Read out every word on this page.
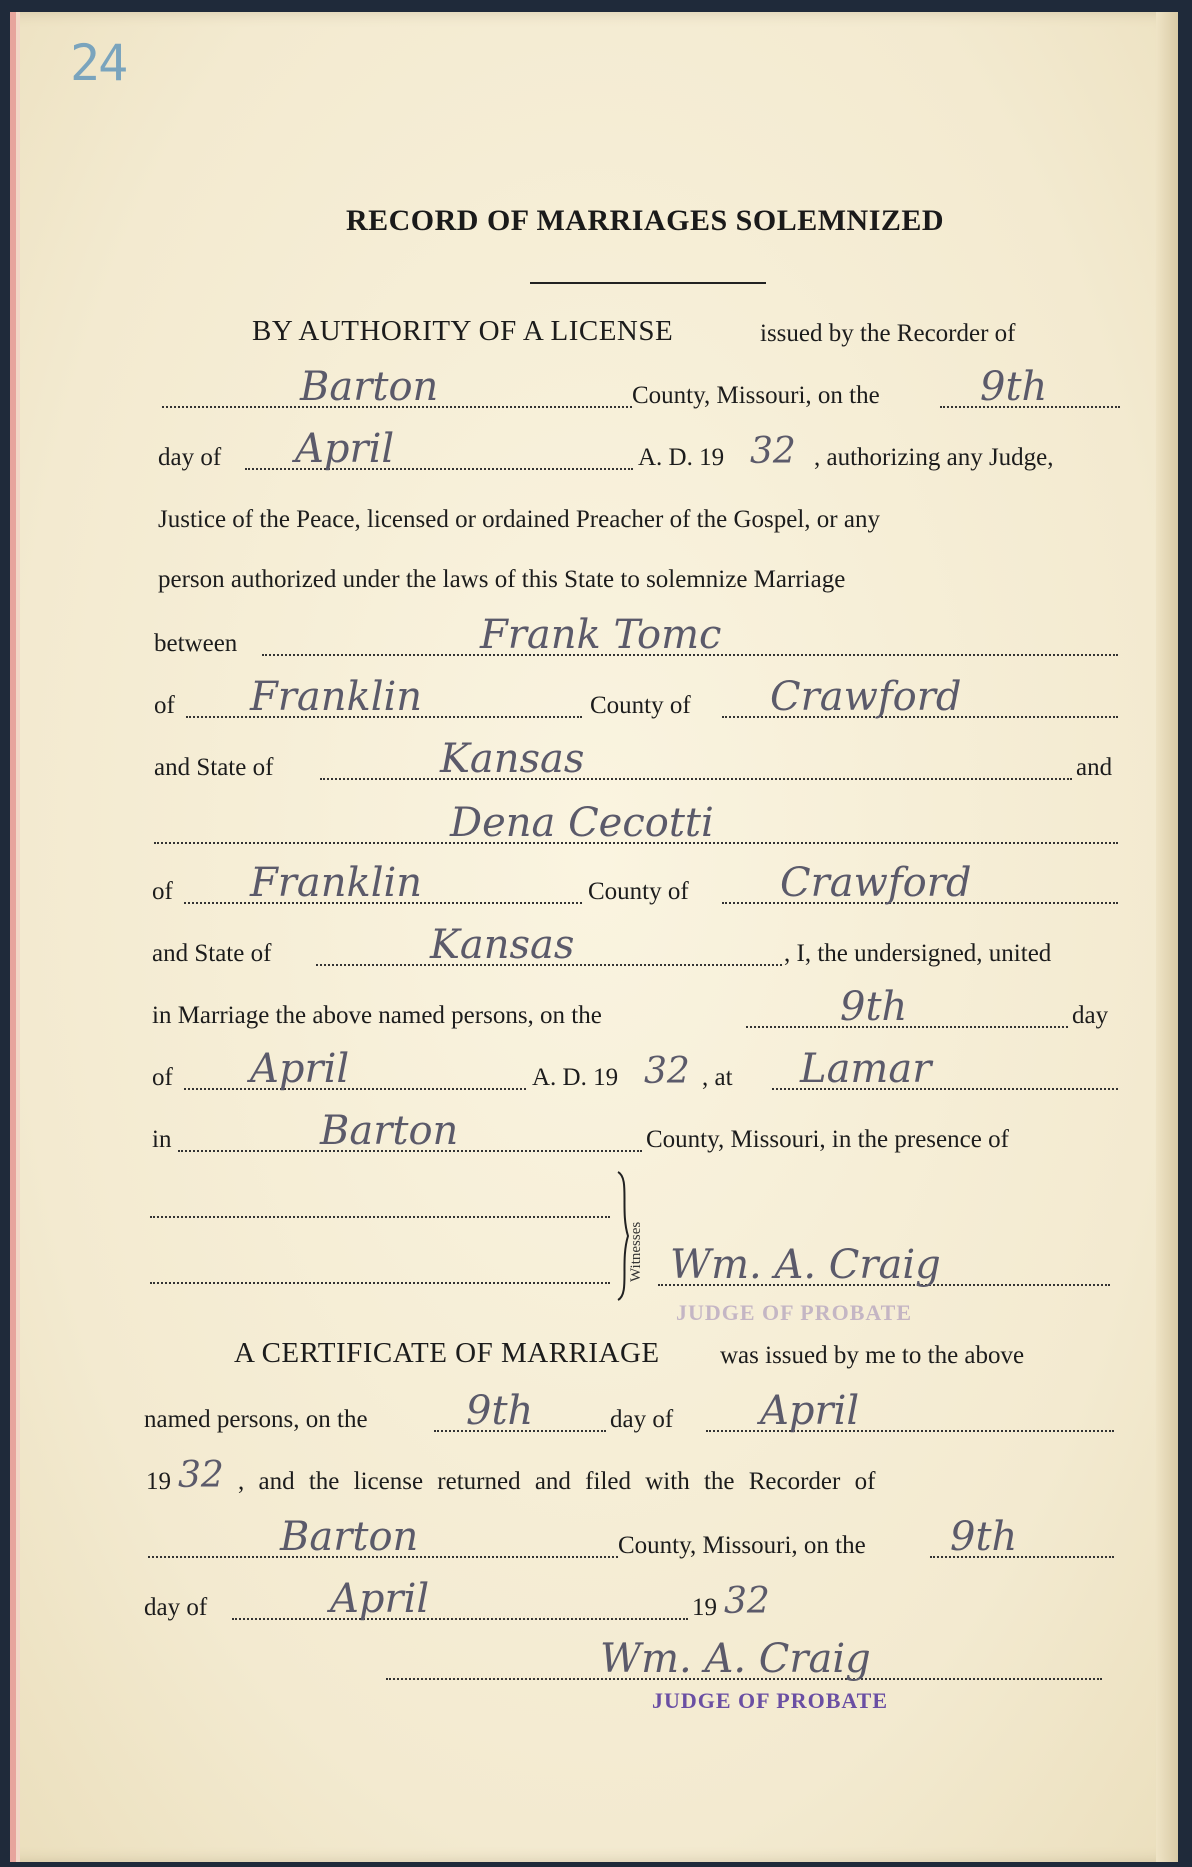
24
RECORD OF MARRIAGES SOLEMNIZED
BY AUTHORITY OF A LICENSE	issued by the Recorder of
Barton	County, Missouri, on the	9th
day of April	A. D. 19 32 , authorizing any Judge,
Justice of the Peace, licensed or ordained Preacher of the Gospel, or any
person authorized under the laws of this State to solemnize Marriage
between	Frank Tomc
of Franklin	County of Crawford
and State of	Kansas	and
Dena Cecotti
of Franklin	County of Crawford
and State of	Kansas	, I, the undersigned, united
in Marriage the above named persons, on the	9th	day
of April	A. D. 19 32 , at Lamar
in	Barton	County, Missouri, in the presence of
Witnesses Wm. A. Craig
JUDGE OF PROBATE
A CERTIFICATE OF MARRIAGE was issued by me to the above
named persons, on the 9th	day of April
19 32 , and the license returned and filed with the Recorder of
Barton	County, Missouri, on the 9th
day of	April	19 32
Wm. A. Craig
JUDGE OF PROBATE
